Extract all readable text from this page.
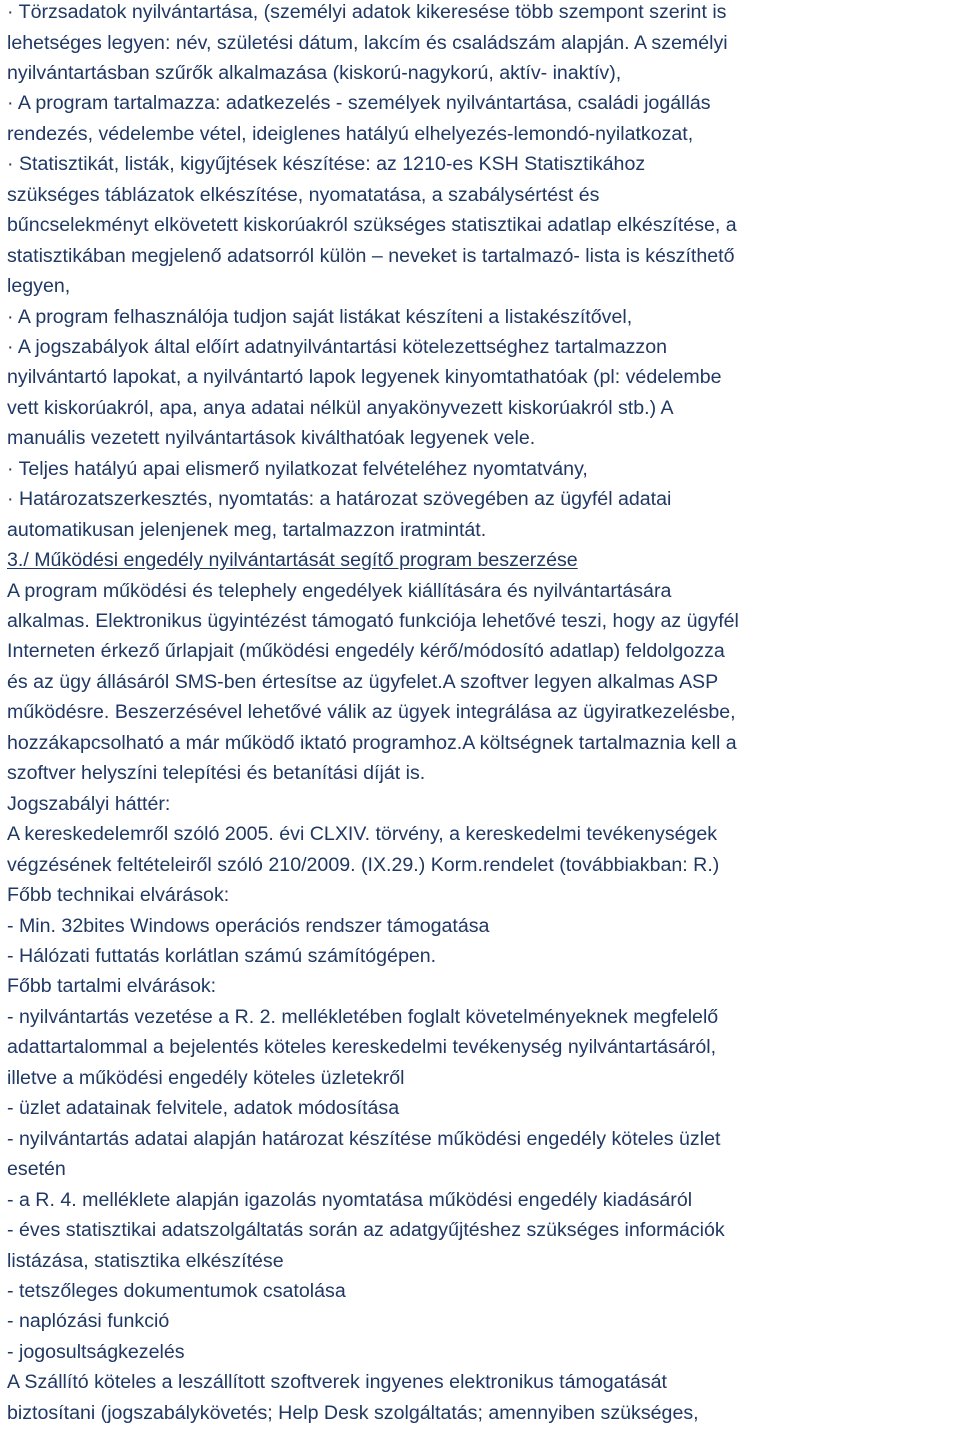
· Törzsadatok nyilvántartása, (személyi adatok kikeresése több szempont szerint is
lehetséges legyen: név, születési dátum, lakcím és családszám alapján. A személyi
nyilvántartásban szűrők alkalmazása (kiskorú-nagykorú, aktív- inaktív),
· A program tartalmazza: adatkezelés - személyek nyilvántartása, családi jogállás
rendezés, védelembe vétel, ideiglenes hatályú elhelyezés-lemondó-nyilatkozat,
· Statisztikát, listák, kigyűjtések készítése: az 1210-es KSH Statisztikához
szükséges táblázatok elkészítése, nyomatatása, a szabálysértést és
bűncselekményt elkövetett kiskorúakról szükséges statisztikai adatlap elkészítése, a
statisztikában megjelenő adatsorról külön – neveket is tartalmazó- lista is készíthető
legyen,
· A program felhasználója tudjon saját listákat készíteni a listakészítővel,
· A jogszabályok által előírt adatnyilvántartási kötelezettséghez tartalmazzon
nyilvántartó lapokat, a nyilvántartó lapok legyenek kinyomtathatóak (pl: védelembe
vett kiskorúakról, apa, anya adatai nélkül anyakönyvezett kiskorúakról stb.) A
manuális vezetett nyilvántartások kiválthatóak legyenek vele.
· Teljes hatályú apai elismerő nyilatkozat felvételéhez nyomtatvány,
· Határozatszerkesztés, nyomtatás: a határozat szövegében az ügyfél adatai
automatikusan jelenjenek meg, tartalmazzon iratmintát.
3./ Működési engedély nyilvántartását segítő program beszerzése
A program működési és telephely engedélyek kiállítására és nyilvántartására
alkalmas. Elektronikus ügyintézést támogató funkciója lehetővé teszi, hogy az ügyfél
Interneten érkező űrlapjait (működési engedély kérő/módosító adatlap) feldolgozza
és az ügy állásáról SMS-ben értesítse az ügyfelet.A szoftver legyen alkalmas ASP
működésre. Beszerzésével lehetővé válik az ügyek integrálása az ügyiratkezelésbe,
hozzákapcsolható a már működő iktató programhoz.A költségnek tartalmaznia kell a
szoftver helyszíni telepítési és betanítási díját is.
Jogszabályi háttér:
A kereskedelemről szóló 2005. évi CLXIV. törvény, a kereskedelmi tevékenységek
végzésének feltételeiről szóló 210/2009. (IX.29.) Korm.rendelet (továbbiakban: R.)
Főbb technikai elvárások:
- Min. 32bites Windows operációs rendszer támogatása
- Hálózati futtatás korlátlan számú számítógépen.
Főbb tartalmi elvárások:
- nyilvántartás vezetése a R. 2. mellékletében foglalt követelményeknek megfelelő
adattartalommal a bejelentés köteles kereskedelmi tevékenység nyilvántartásáról,
illetve a működési engedély köteles üzletekről
- üzlet adatainak felvitele, adatok módosítása
- nyilvántartás adatai alapján határozat készítése működési engedély köteles üzlet
esetén
- a R. 4. melléklete alapján igazolás nyomtatása működési engedély kiadásáról
- éves statisztikai adatszolgáltatás során az adatgyűjtéshez szükséges információk
listázása, statisztika elkészítése
- tetszőleges dokumentumok csatolása
- naplózási funkció
- jogosultságkezelés
A Szállító köteles a leszállított szoftverek ingyenes elektronikus támogatását
biztosítani (jogszabálykövetés; Help Desk szolgáltatás; amennyiben szükséges,
